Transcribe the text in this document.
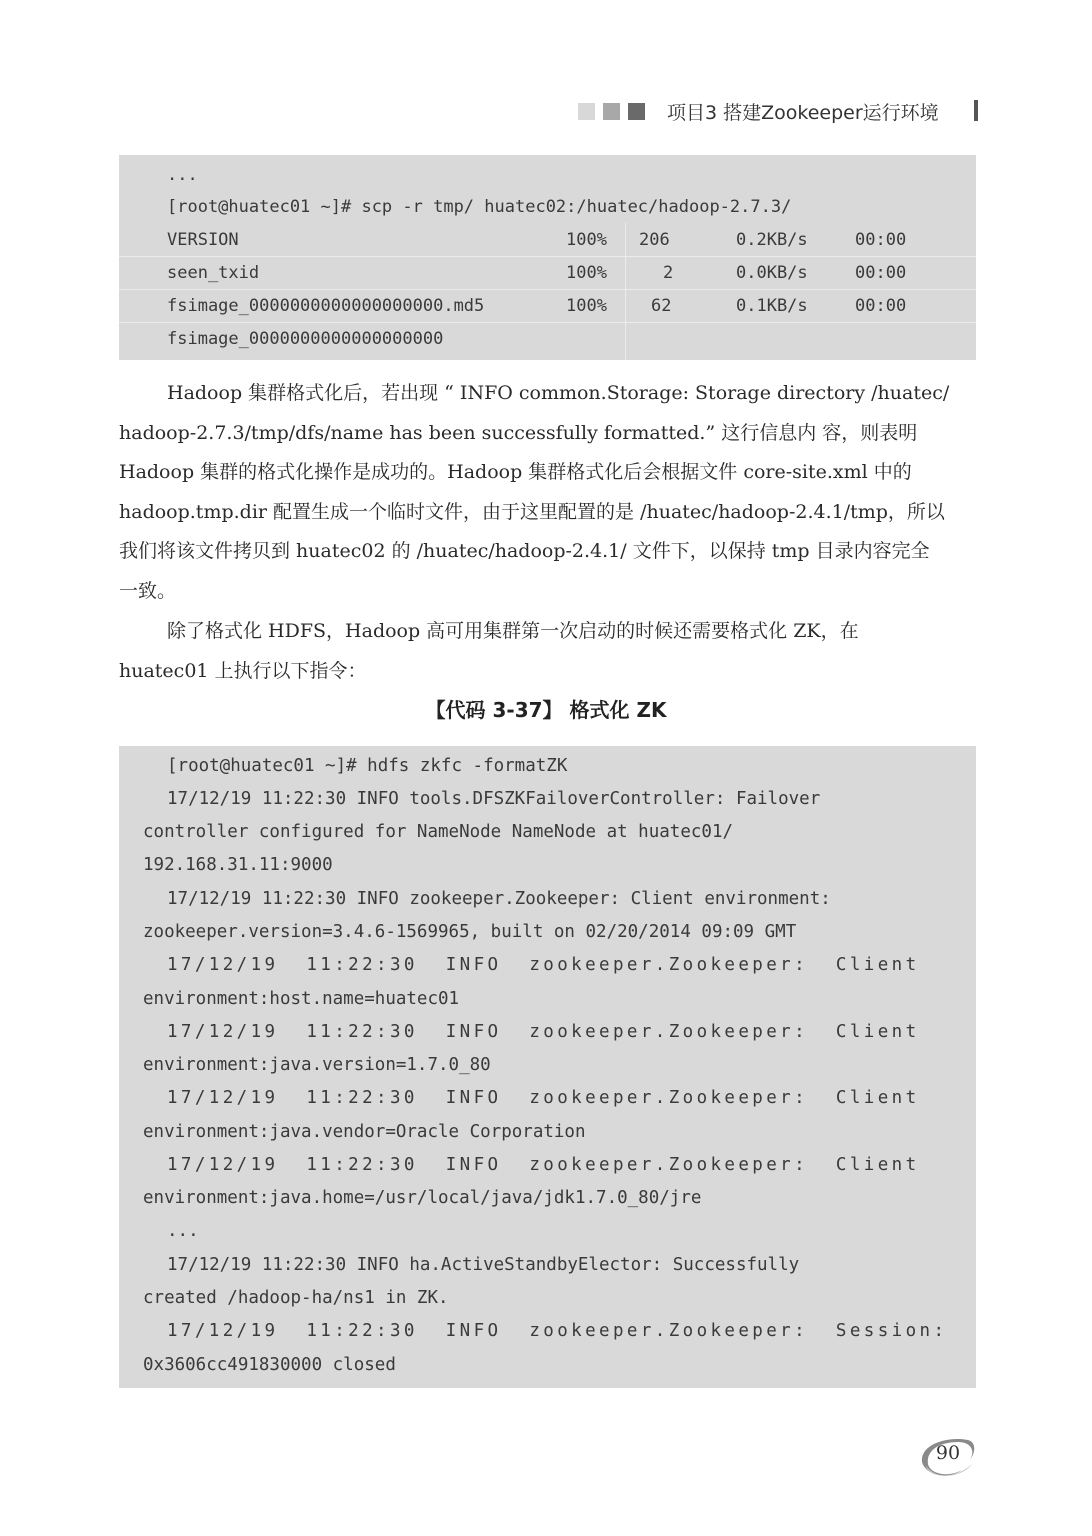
项目3 搭建Zookeeper运行环境
...
[root@huatec01 ~]# scp -r tmp/ huatec02:/huatec/hadoop-2.7.3/
VERSION	100% 206	0.2KB/s	00:00
seen_txid	100%	2	0.0KB/s	00:00
fsimage_0000000000000000000.md5	100%	62	0.1KB/s	00:00
fsimage_0000000000000000000

Hadoop 集群格式化后，若出现 “ INFO common.Storage: Storage directory /huatec/

hadoop-2.7.3/tmp/dfs/name has been successfully formatted.” 这行信息内 容，则表明

Hadoop 集群的格式化操作是成功的。Hadoop 集群格式化后会根据文件 core-site.xml 中的

hadoop.tmp.dir 配置生成一个临时文件，由于这里配置的是 /huatec/hadoop-2.4.1/tmp，所以

我们将该文件拷贝到 huatec02 的 /huatec/hadoop-2.4.1/ 文件下，以保持 tmp 目录内容完全

一致。

除了格式化 HDFS，Hadoop 高可用集群第一次启动的时候还需要格式化 ZK，在

huatec01 上执行以下指令：

【代码 3-37】 格式化 ZK
[root@huatec01 ~]# hdfs zkfc -formatZK
17/12/19 11:22:30 INFO tools.DFSZKFailoverController: Failover
controller configured for NameNode NameNode at huatec01/
192.168.31.11:9000
17/12/19 11:22:30 INFO zookeeper.Zookeeper: Client environment:
zookeeper.version=3.4.6-1569965, built on 02/20/2014 09:09 GMT
17/12/19  11:22:30  INFO  zookeeper.Zookeeper:  Client
environment:host.name=huatec01
17/12/19  11:22:30  INFO  zookeeper.Zookeeper:  Client
environment:java.version=1.7.0_80
17/12/19  11:22:30  INFO  zookeeper.Zookeeper:  Client
environment:java.vendor=Oracle Corporation
17/12/19  11:22:30  INFO  zookeeper.Zookeeper:  Client
environment:java.home=/usr/local/java/jdk1.7.0_80/jre
...
17/12/19 11:22:30 INFO ha.ActiveStandbyElector: Successfully
created /hadoop-ha/ns1 in ZK.
17/12/19  11:22:30  INFO  zookeeper.Zookeeper:  Session:
0x3606cc491830000 closed
90
